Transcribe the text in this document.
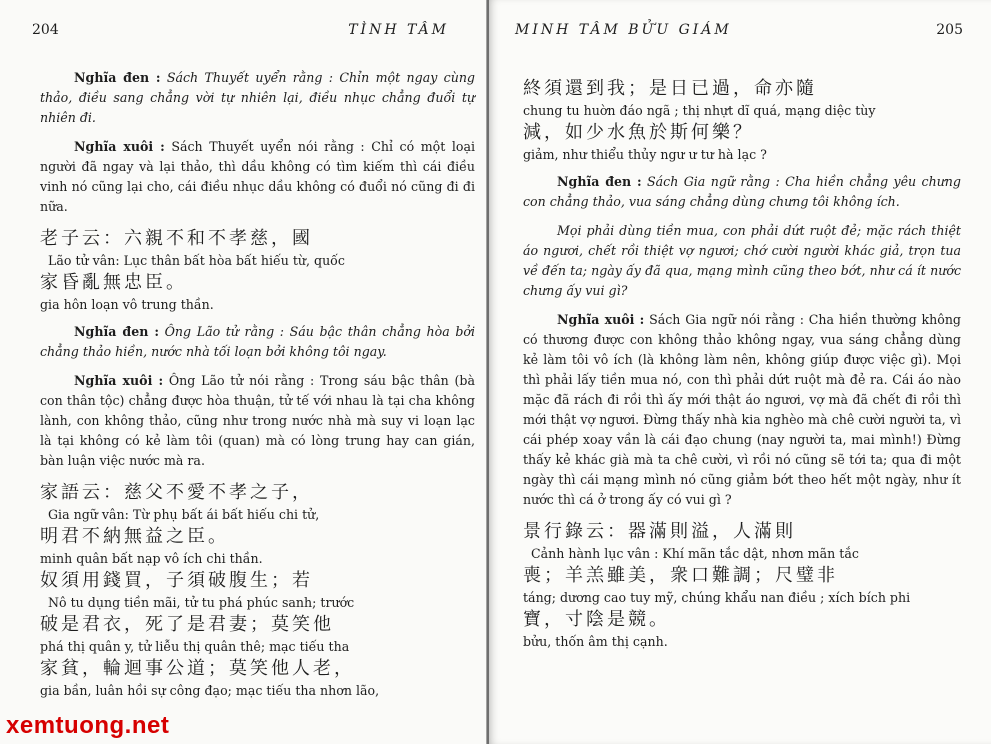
204	TÌNH TÂM

Nghĩa đen : Sách Thuyết uyển rằng : Chỉn một ngay cùng thảo, điều sang chẳng vời tự nhiên lại, điều nhục chẳng đuổi tự nhiên đi.

Nghĩa xuôi : Sách Thuyết uyển nói rằng : Chỉ có một loại người đã ngay và lại thảo, thì dầu không có tìm kiếm thì cái điều vinh nó cũng lại cho, cái điều nhục dầu không có đuổi nó cũng đi đi nữa.

老子云：六親不和不孝慈，國

Lão tử vân: Lục thân bất hòa bất hiếu từ, quốc

家昏亂無忠臣。

gia hôn loạn vô trung thần.

Nghĩa đen : Ông Lão tử rằng : Sáu bậc thân chẳng hòa bởi chẳng thảo hiền, nước nhà tối loạn bởi không tôi ngay.

Nghĩa xuôi : Ông Lão tử nói rằng : Trong sáu bậc thân (bà con thân tộc) chẳng được hòa thuận, tử tế với nhau là tại cha không lành, con không thảo, cũng như trong nước nhà mà suy vi loạn lạc là tại không có kẻ làm tôi (quan) mà có lòng trung hay can gián, bàn luận việc nước mà ra.

家語云：慈父不愛不孝之子，

Gia ngữ vân: Từ phụ bất ái bất hiếu chi tử,

明君不納無益之臣。

minh quân bất nạp vô ích chi thần.

奴須用錢買，子須破腹生；若

Nô tu dụng tiền mãi, tử tu phá phúc sanh; trước

破是君衣，死了是君妻；莫笑他

phá thị quân y, tử liễu thị quân thê; mạc tiếu tha

家貧，輪迴事公道；莫笑他人老，

gia bần, luân hồi sự công đạo; mạc tiếu tha nhơn lão,

xemtuong.net
MINH TÂM BỬU GIÁM	205

終須還到我；是日已過，命亦隨

chung tu huờn đáo ngã ; thị nhựt dĩ quá, mạng diệc tùy

減，如少水魚於斯何樂？

giảm, như thiểu thủy ngư ư tư hà lạc ?

Nghĩa đen : Sách Gia ngữ rằng : Cha hiền chẳng yêu chưng con chẳng thảo, vua sáng chẳng dùng chưng tôi không ích.

Mọi phải dùng tiền mua, con phải dứt ruột đẻ; mặc rách thiệt áo ngươi, chết rồi thiệt vợ ngươi; chớ cười người khác giả, trọn tua về đến ta; ngày ấy đã qua, mạng mình cũng theo bớt, như cá ít nước chưng ấy vui gì?

Nghĩa xuôi : Sách Gia ngữ nói rằng : Cha hiền thường không có thương được con không thảo không ngay, vua sáng chẳng dùng kẻ làm tôi vô ích (là không làm nên, không giúp được việc gì). Mọi thì phải lấy tiền mua nó, con thì phải dứt ruột mà đẻ ra. Cái áo nào mặc đã rách đi rồi thì ấy mới thật áo ngươi, vợ mà đã chết đi rồi thì mới thật vợ ngươi. Đừng thấy nhà kia nghèo mà chê cười người ta, vì cái phép xoay vần là cái đạo chung (nay người ta, mai mình!) Đừng thấy kẻ khác già mà ta chê cười, vì rồi nó cũng sẽ tới ta; qua đi một ngày thì cái mạng mình nó cũng giảm bớt theo hết một ngày, như ít nước thì cá ở trong ấy có vui gì ?

景行錄云：器滿則溢，人滿則

Cảnh hành lục vân : Khí mãn tắc dật, nhơn mãn tắc

喪；羊羔雖美，衆口難調；尺璧非

táng; dương cao tuy mỹ, chúng khẩu nan điều ; xích bích phi

寶，寸陰是競。

bửu, thốn âm thị cạnh.
